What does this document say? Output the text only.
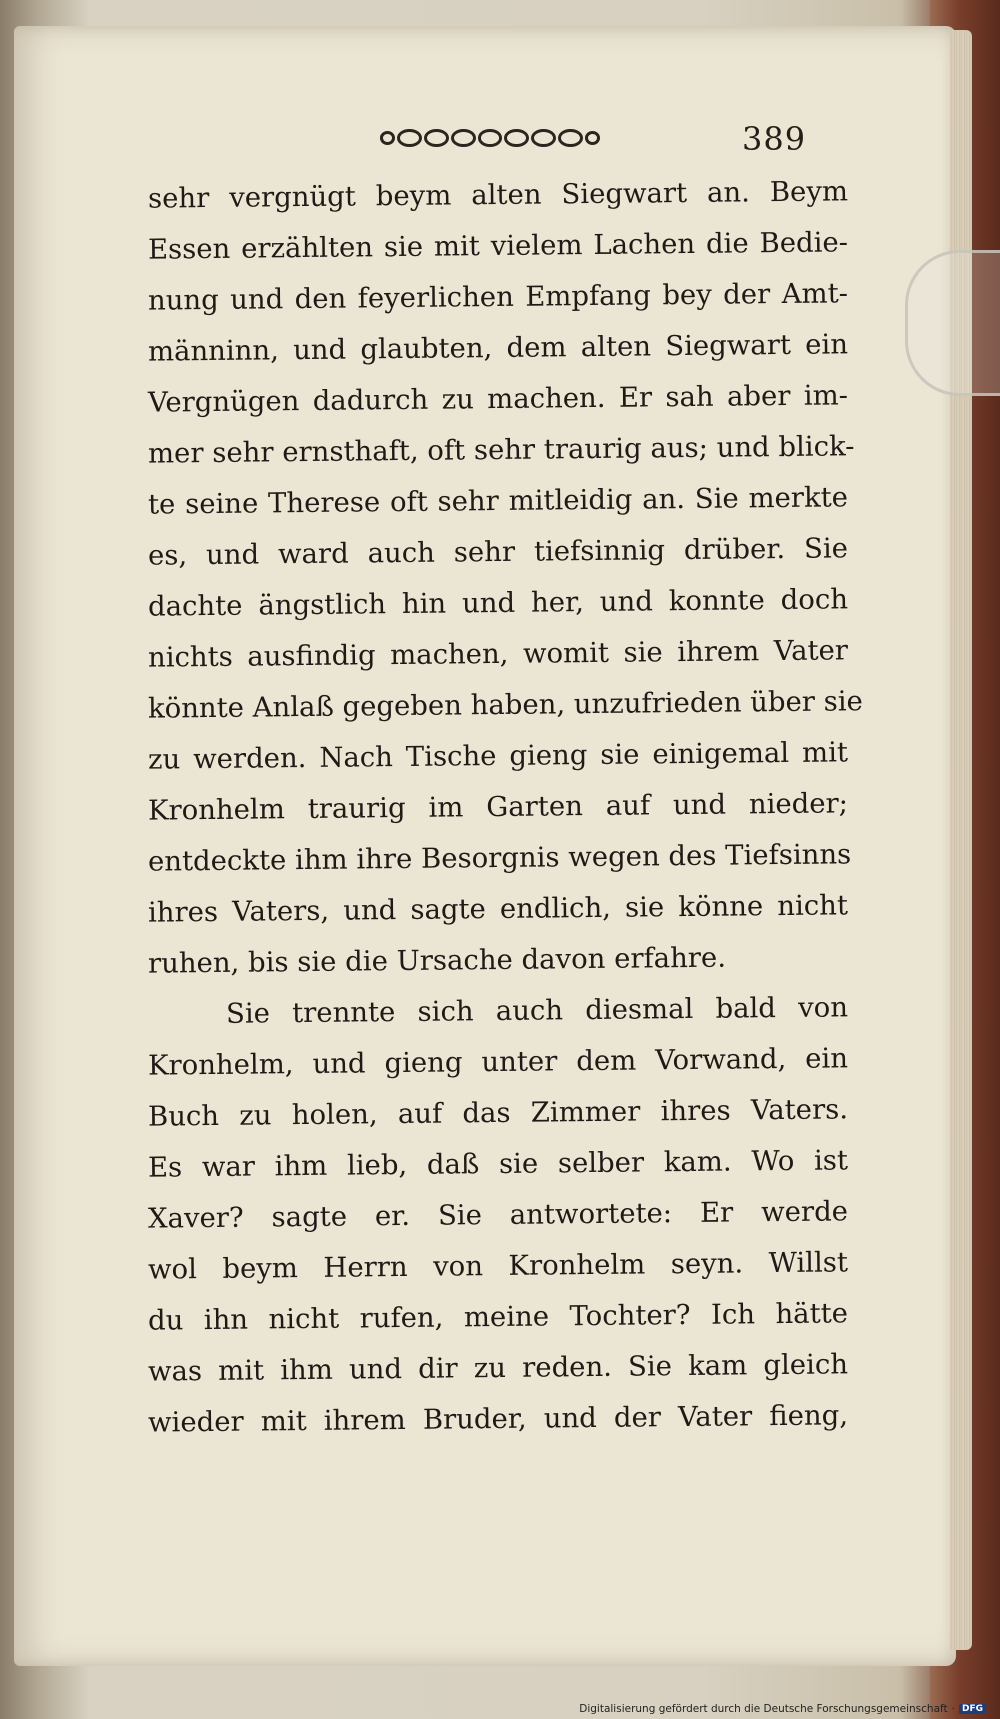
389
sehr vergnügt beym alten Siegwart an. Beym
Essen erzählten sie mit vielem Lachen die Bedie-
nung und den feyerlichen Empfang bey der Amt-
männinn, und glaubten, dem alten Siegwart ein
Vergnügen dadurch zu machen. Er sah aber im-
mer sehr ernsthaft, oft sehr traurig aus; und blick-
te seine Therese oft sehr mitleidig an. Sie merkte
es, und ward auch sehr tiefsinnig drüber. Sie
dachte ängstlich hin und her, und konnte doch
nichts ausfindig machen, womit sie ihrem Vater
könnte Anlaß gegeben haben, unzufrieden über sie
zu werden. Nach Tische gieng sie einigemal mit
Kronhelm traurig im Garten auf und nieder;
entdeckte ihm ihre Besorgnis wegen des Tiefsinns
ihres Vaters, und sagte endlich, sie könne nicht
ruhen, bis sie die Ursache davon erfahre.
Sie trennte sich auch diesmal bald von
Kronhelm, und gieng unter dem Vorwand, ein
Buch zu holen, auf das Zimmer ihres Vaters.
Es war ihm lieb, daß sie selber kam. Wo ist
Xaver? sagte er. Sie antwortete: Er werde
wol beym Herrn von Kronhelm seyn. Willst
du ihn nicht rufen, meine Tochter? Ich hätte
was mit ihm und dir zu reden. Sie kam gleich
wieder mit ihrem Bruder, und der Vater fieng,
Digitalisierung gefördert durch die Deutsche Forschungsgemeinschaft · DFG
